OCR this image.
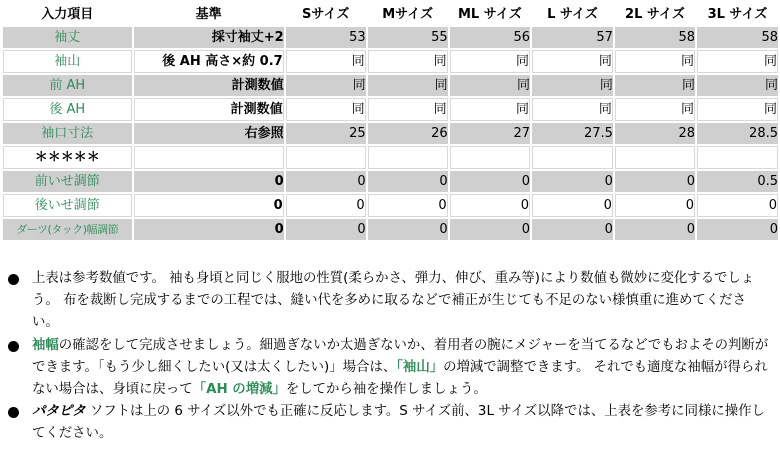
入力項目	基準	Sサイズ	Mサイズ	ML サイズ	L サイズ	2L サイズ	3L サイズ
袖丈	採寸袖丈+2	53	55	56	57	58	58
袖山	後 AH 高さ×約 0.7	同	同	同	同	同	同
前 AH	計測数値	同	同	同	同	同	同
後 AH	計測数値	同	同	同	同	同	同
袖口寸法	右参照	25	26	27	27.5	28	28.5
＊＊＊＊＊							
前いせ調節	0	0	0	0	0	0	0.5
後いせ調節	0	0	0	0	0	0	0
ダーツ(タック)幅調節	0	0	0	0	0	0	0
上表は参考数値です。 袖も身頃と同じく服地の性質(柔らかさ、弾力、伸び、重み等)により数値も微妙に変化するでしょう。 布を裁断し完成するまでの工程では、縫い代を多めに取るなどで補正が生じても不足のない様慎重に進めてください。
袖幅の確認をして完成させましょう。細過ぎないか太過ぎないか、着用者の腕にメジャーを当てるなどでもおよその判断ができます。「もう少し細くしたい(又は太くしたい)」場合は、「袖山」の増減で調整できます。 それでも適度な袖幅が得られない場合は、身頃に戻って「AH の増減」をしてから袖を操作しましょう。
パタピタ ソフトは上の 6 サイズ以外でも正確に反応します。S サイズ前、3L サイズ以降では、上表を参考に同様に操作してください。
